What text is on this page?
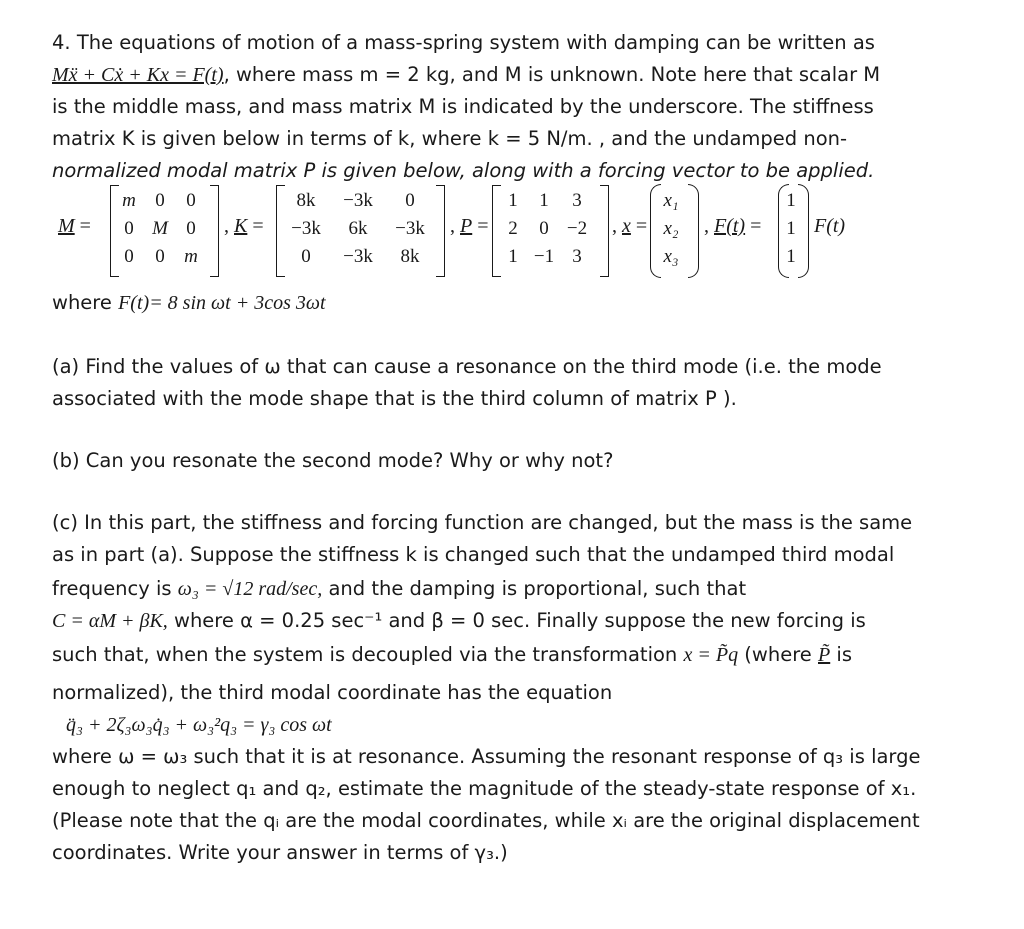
4. The equations of motion of a mass-spring system with damping can be written as
Mẍ + Cẋ + Kx = F(t), where mass m = 2 kg, and M is unknown. Note here that scalar M
is the middle mass, and mass matrix M is indicated by the underscore. The stiffness
matrix K is given below in terms of k, where k = 5 N/m. , and the undamped non-
normalized modal matrix P is given below, along with a forcing vector to be applied.
M =
m	0	0
0 M 0
0	0	m
, K =
8k	−3k	0
−3k	6k	−3k
0	−3k	8k
, P =
1	1	3
2	0 −2
1 −1 3
, x =
x₁
x₂
x₃
, F(t) =
1
1
1
F(t)
where F(t)= 8 sin ωt + 3cos 3ωt
(a) Find the values of ω that can cause a resonance on the third mode (i.e. the mode
associated with the mode shape that is the third column of matrix P ).
(b) Can you resonate the second mode? Why or why not?
(c) In this part, the stiffness and forcing function are changed, but the mass is the same
as in part (a). Suppose the stiffness k is changed such that the undamped third modal
frequency is ω₃ = √12 rad/sec, and the damping is proportional, such that
C = αM + βK, where α = 0.25 sec⁻¹ and β = 0 sec. Finally suppose the new forcing is
such that, when the system is decoupled via the transformation x = P̃q (where P̃ is
normalized), the third modal coordinate has the equation
q̈₃ + 2ζ₃ω₃q̇₃ + ω₃²q₃ = γ₃ cos ωt
where ω = ω₃ such that it is at resonance. Assuming the resonant response of q₃ is large
enough to neglect q₁ and q₂, estimate the magnitude of the steady-state response of x₁.
(Please note that the qᵢ are the modal coordinates, while xᵢ are the original displacement
coordinates. Write your answer in terms of γ₃.)
